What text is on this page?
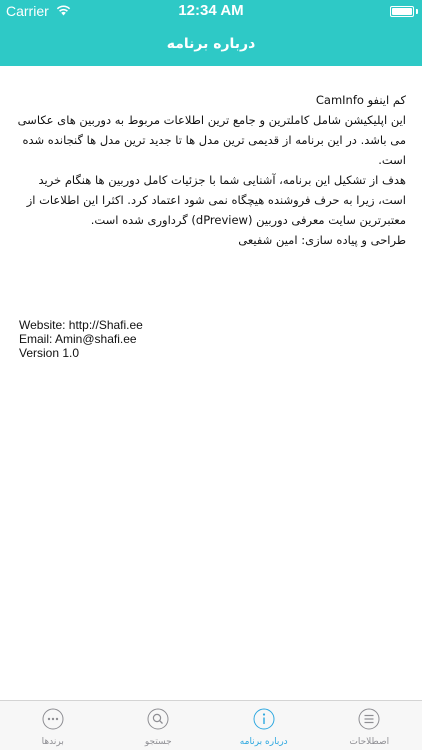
Carrier	12:34 AM
درباره برنامه

کم اینفو CamInfo

این اپلیکیشن شامل کاملترین و جامع ترین اطلاعات مربوط به دوربین های عکاسی می باشد. در این برنامه از قدیمی ترین مدل ها تا جدید ترین مدل ها گنجانده شده است.

هدف از تشکیل این برنامه، آشنایی شما با جزئیات کامل دوربین ها هنگام خرید است، زیرا به حرف فروشنده هیچگاه نمی شود اعتماد کرد. اکثرا این اطلاعات از معتبرترین سایت معرفی دوربین (dPreview) گرداوری شده است.

طراحی و پیاده سازی: امین شفیعی

Website: http://Shafi.ee
Email: Amin@shafi.ee
Version 1.0
اصطلاحات
درباره برنامه
جستجو
برندها
